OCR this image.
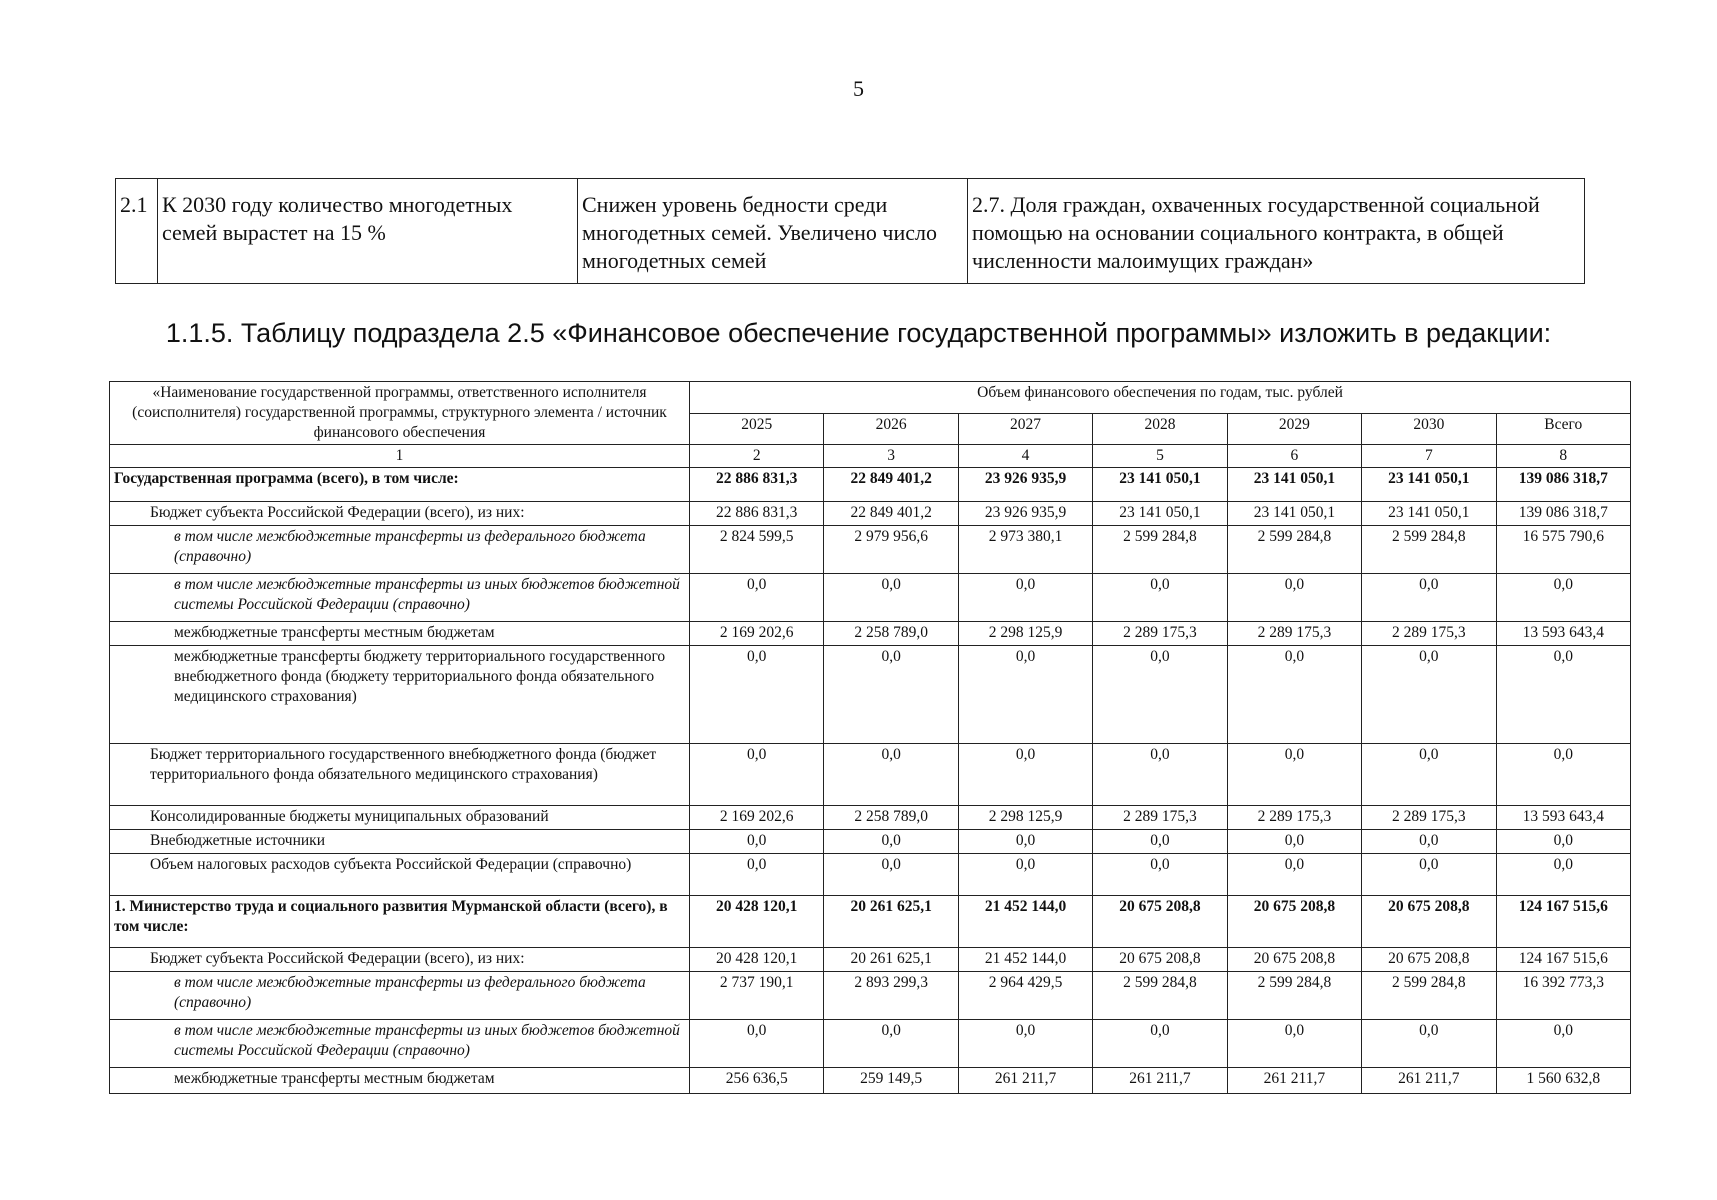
5
2.1	К 2030 году количество многодетных семей вырастет на 15 %	Снижен уровень бедности среди многодетных семей. Увеличено число многодетных семей	2.7. Доля граждан, охваченных государственной социальной помощью на основании социального контракта, в общей численности малоимущих граждан»
1.1.5. Таблицу подраздела 2.5 «Финансовое обеспечение государственной программы» изложить в редакции:
«Наименование государственной программы, ответственного исполнителя (соисполнителя) государственной программы, структурного элемента / источник финансового обеспечения	Объем финансового обеспечения по годам, тыс. рублей						
	2025	2026	2027	2028	2029	2030	Всего
1	2	3	4	5	6	7	8
Государственная программа (всего), в том числе:	22 886 831,3	22 849 401,2	23 926 935,9	23 141 050,1	23 141 050,1	23 141 050,1	139 086 318,7
Бюджет субъекта Российской Федерации (всего), из них:	22 886 831,3	22 849 401,2	23 926 935,9	23 141 050,1	23 141 050,1	23 141 050,1	139 086 318,7
в том числе межбюджетные трансферты из федерального бюджета (справочно)	2 824 599,5	2 979 956,6	2 973 380,1	2 599 284,8	2 599 284,8	2 599 284,8	16 575 790,6
в том числе межбюджетные трансферты из иных бюджетов бюджетной системы Российской Федерации (справочно)	0,0	0,0	0,0	0,0	0,0	0,0	0,0
межбюджетные трансферты местным бюджетам	2 169 202,6	2 258 789,0	2 298 125,9	2 289 175,3	2 289 175,3	2 289 175,3	13 593 643,4
межбюджетные трансферты бюджету территориального государственного внебюджетного фонда (бюджету территориального фонда обязательного медицинского страхования)	0,0	0,0	0,0	0,0	0,0	0,0	0,0
Бюджет территориального государственного внебюджетного фонда (бюджет территориального фонда обязательного медицинского страхования)	0,0	0,0	0,0	0,0	0,0	0,0	0,0
Консолидированные бюджеты муниципальных образований	2 169 202,6	2 258 789,0	2 298 125,9	2 289 175,3	2 289 175,3	2 289 175,3	13 593 643,4
Внебюджетные источники	0,0	0,0	0,0	0,0	0,0	0,0	0,0
Объем налоговых расходов субъекта Российской Федерации (справочно)	0,0	0,0	0,0	0,0	0,0	0,0	0,0
1. Министерство труда и социального развития Мурманской области (всего), в том числе:	20 428 120,1	20 261 625,1	21 452 144,0	20 675 208,8	20 675 208,8	20 675 208,8	124 167 515,6
Бюджет субъекта Российской Федерации (всего), из них:	20 428 120,1	20 261 625,1	21 452 144,0	20 675 208,8	20 675 208,8	20 675 208,8	124 167 515,6
в том числе межбюджетные трансферты из федерального бюджета (справочно)	2 737 190,1	2 893 299,3	2 964 429,5	2 599 284,8	2 599 284,8	2 599 284,8	16 392 773,3
в том числе межбюджетные трансферты из иных бюджетов бюджетной системы Российской Федерации (справочно)	0,0	0,0	0,0	0,0	0,0	0,0	0,0
межбюджетные трансферты местным бюджетам	256 636,5	259 149,5	261 211,7	261 211,7	261 211,7	261 211,7	1 560 632,8
